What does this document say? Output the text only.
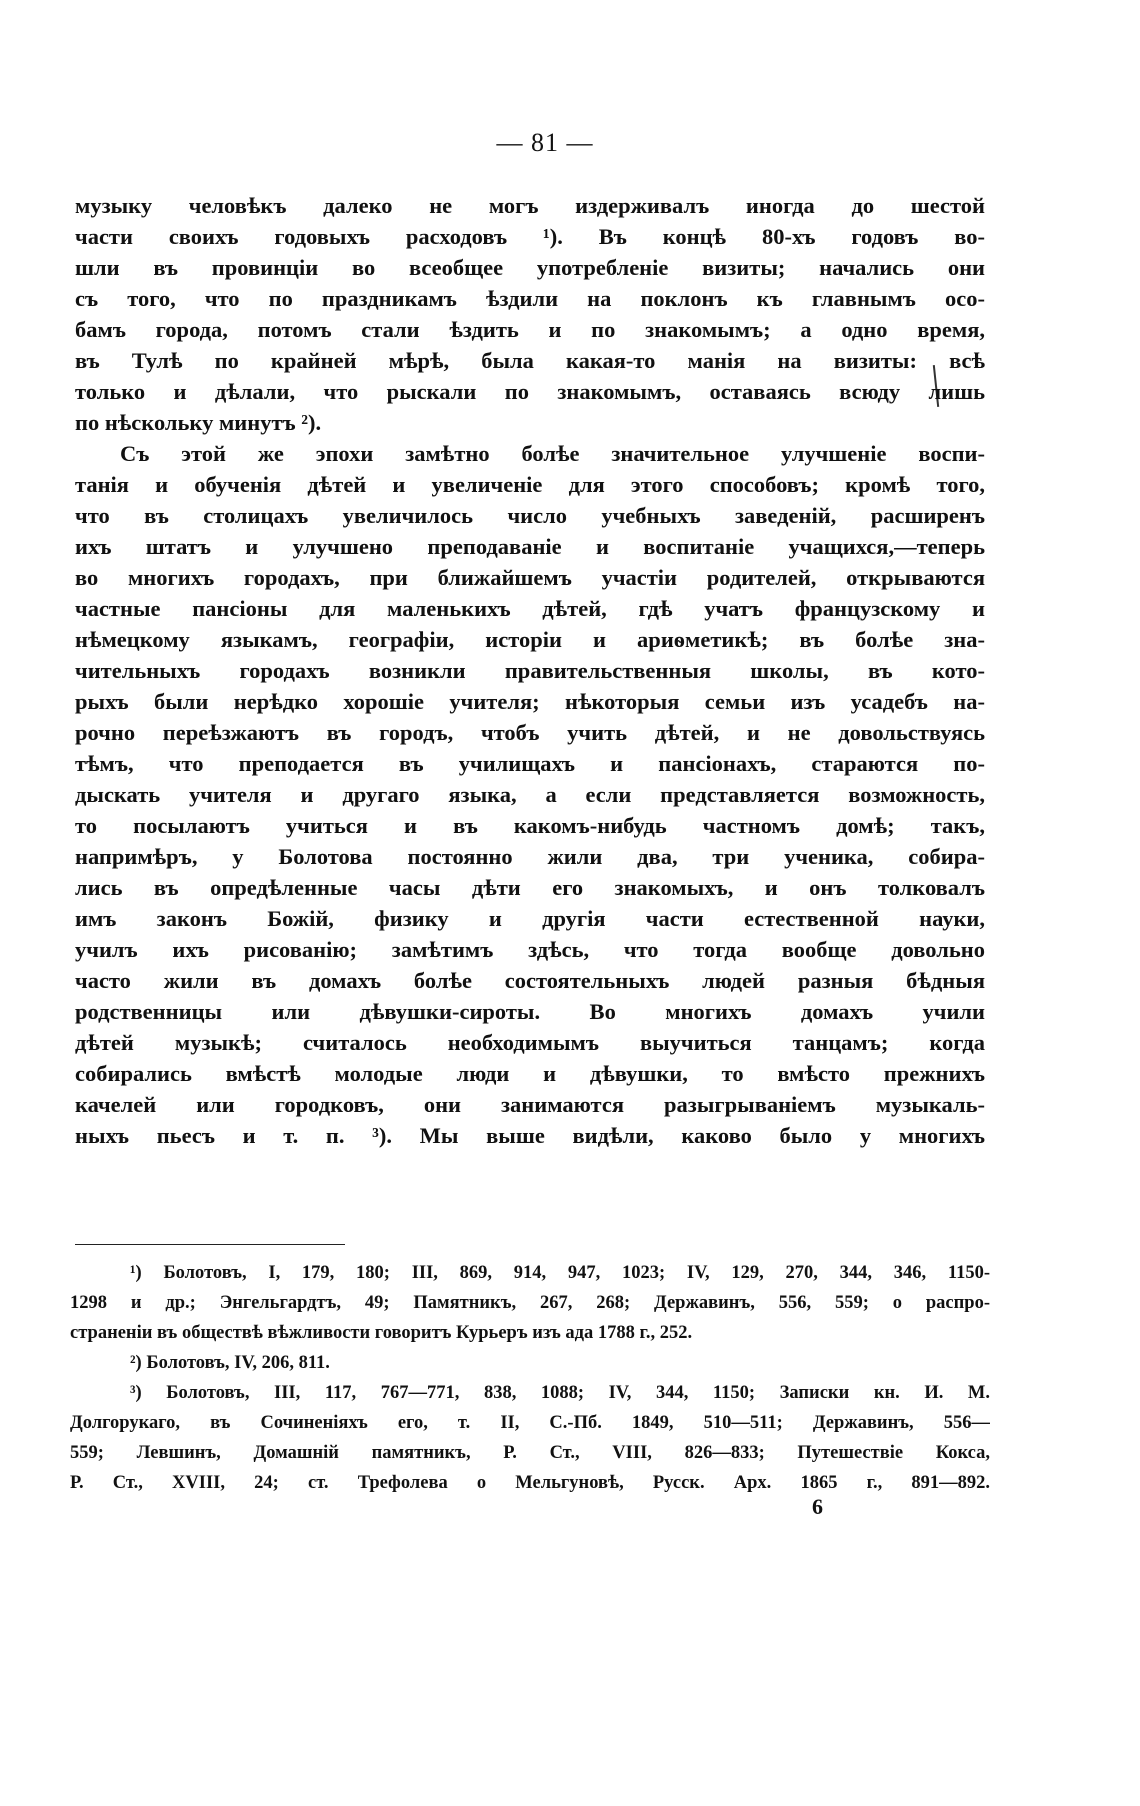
— 81 —
музыку человѣкъ далеко не могъ издерживалъ иногда до шестой
части своихъ годовыхъ расходовъ ¹). Въ концѣ 80-хъ годовъ во-
шли въ провинціи во всеобщее употребленіе визиты; начались они
съ того, что по праздникамъ ѣздили на поклонъ къ главнымъ осо-
бамъ города, потомъ стали ѣздить и по знакомымъ; а одно время,
въ Тулѣ по крайней мѣрѣ, была какая-то манія на визиты: всѣ
только и дѣлали, что рыскали по знакомымъ, оставаясь всюду лишь
по нѣскольку минутъ ²).
Съ этой же эпохи замѣтно болѣе значительное улучшеніе воспи-
танія и обученія дѣтей и увеличеніе для этого способовъ; кромѣ того,
что въ столицахъ увеличилось число учебныхъ заведеній, расширенъ
ихъ штатъ и улучшено преподаваніе и воспитаніе учащихся,—теперь
во многихъ городахъ, при ближайшемъ участіи родителей, открываются
частные пансіоны для маленькихъ дѣтей, гдѣ учатъ французскому и
нѣмецкому языкамъ, географіи, исторіи и ариѳметикѣ; въ болѣе зна-
чительныхъ городахъ возникли правительственныя школы, въ кото-
рыхъ были нерѣдко хорошіе учителя; нѣкоторыя семьи изъ усадебъ на-
рочно переѣзжаютъ въ городъ, чтобъ учить дѣтей, и не довольствуясь
тѣмъ, что преподается въ училищахъ и пансіонахъ, стараются по-
дыскать учителя и другаго языка, а если представляется возможность,
то посылаютъ учиться и въ какомъ-нибудь частномъ домѣ; такъ,
напримѣръ, у Болотова постоянно жили два, три ученика, собира-
лись въ опредѣленные часы дѣти его знакомыхъ, и онъ толковалъ
имъ законъ Божій, физику и другія части естественной науки,
училъ ихъ рисованію; замѣтимъ здѣсь, что тогда вообще довольно
часто жили въ домахъ болѣе состоятельныхъ людей разныя бѣдныя
родственницы или дѣвушки-сироты. Во многихъ домахъ учили
дѣтей музыкѣ; считалось необходимымъ выучиться танцамъ; когда
собирались вмѣстѣ молодые люди и дѣвушки, то вмѣсто прежнихъ
качелей или городковъ, они занимаются разыгрываніемъ музыкаль-
ныхъ пьесъ и т. п. ³). Мы выше видѣли, каково было у многихъ
¹) Болотовъ, I, 179, 180; III, 869, 914, 947, 1023; IV, 129, 270, 344, 346, 1150-
1298 и др.; Энгельгардтъ, 49; Памятникъ, 267, 268; Державинъ, 556, 559; о распро-
страненіи въ обществѣ вѣжливости говоритъ Курьеръ изъ ада 1788 г., 252.
²) Болотовъ, IV, 206, 811.
³) Болотовъ, III, 117, 767—771, 838, 1088; IV, 344, 1150; Записки кн. И. М.
Долгорукаго, въ Сочиненіяхъ его, т. II, С.-Пб. 1849, 510—511; Державинъ, 556—
559; Левшинъ, Домашній памятникъ, Р. Ст., VIII, 826—833; Путешествіе Кокса,
Р. Ст., XVIII, 24; ст. Трефолева о Мельгуновѣ, Русск. Арх. 1865 г., 891—892.
6
